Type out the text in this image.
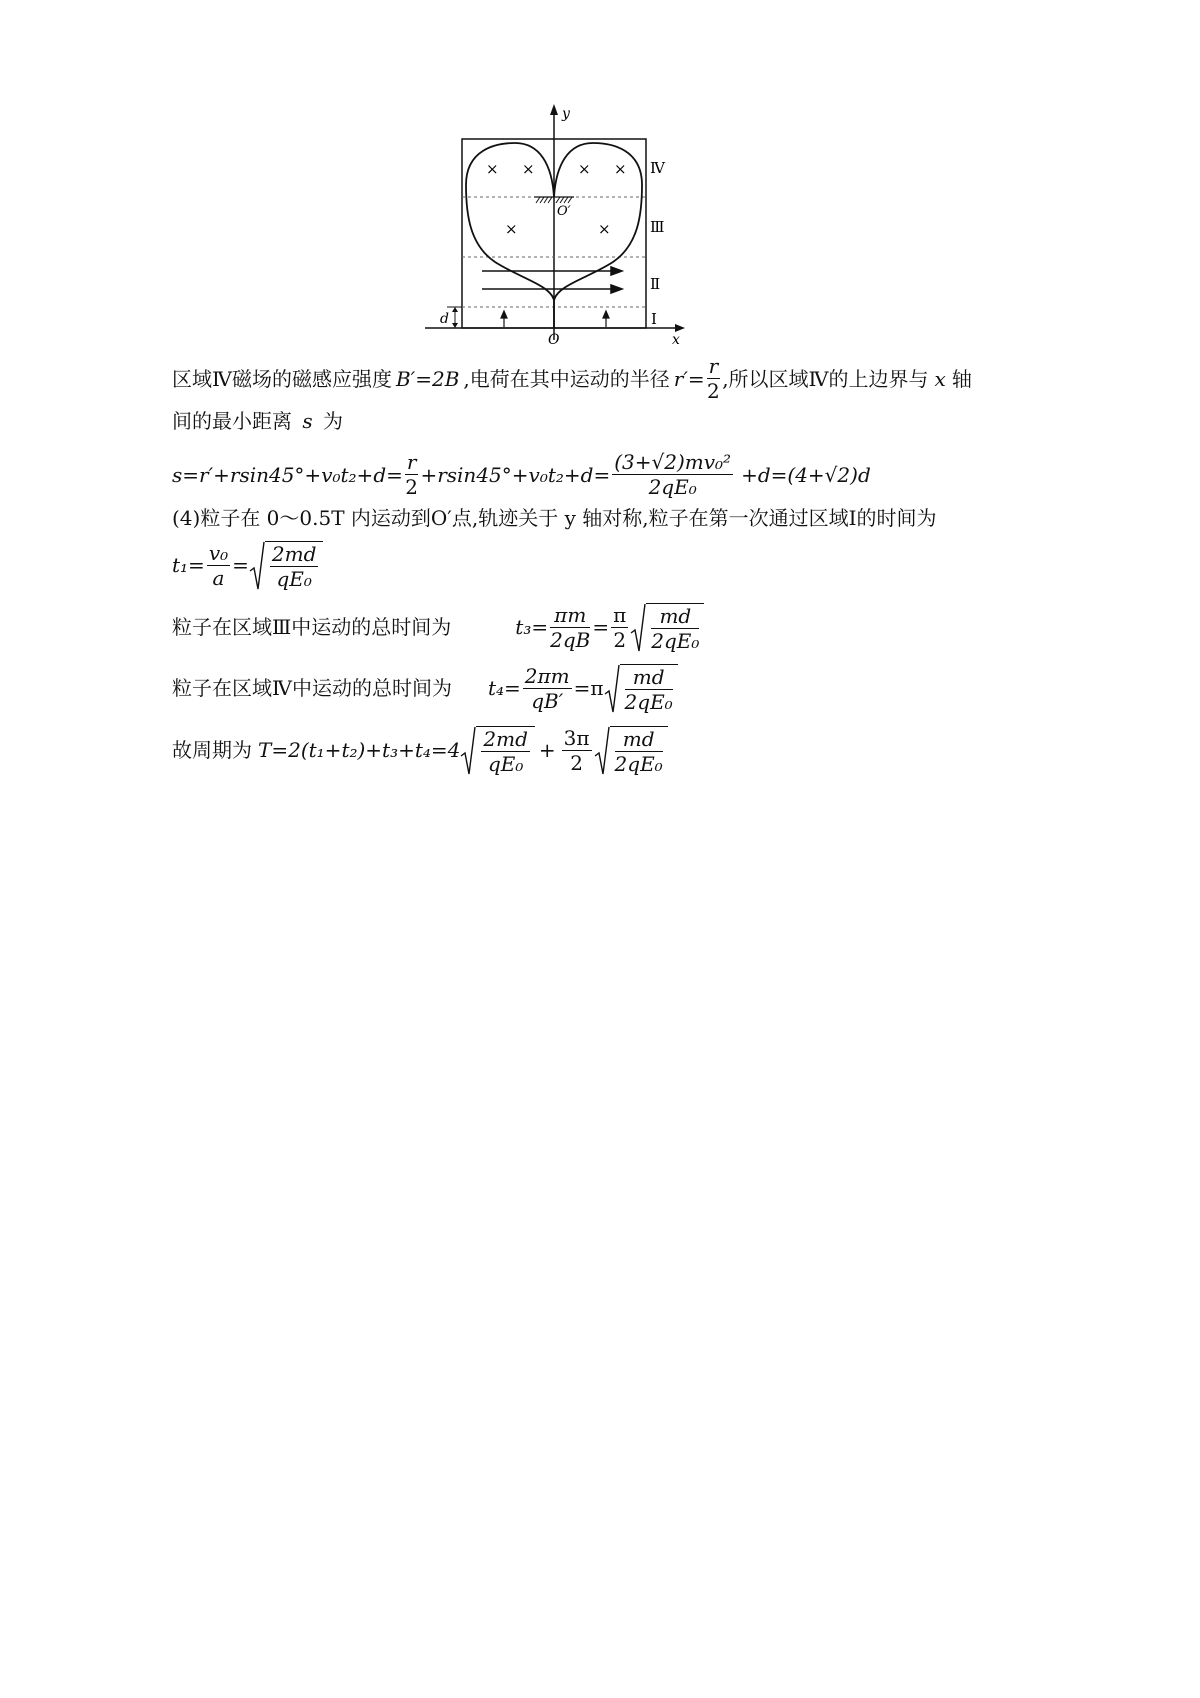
d
× ×	× ×
×	×
y
x
O
O′
Ⅳ
Ⅲ
Ⅱ
Ⅰ
区域Ⅳ磁场的磁感应强度 B′=2B ,电荷在其中运动的半径 $r'= \frac{r}{2}$ ,所以区域Ⅳ的上边界与 x 轴
间的最小距离 s 为
$s=r'+rsin45^\circ+v_0t_2+d= \frac{r}{2} +rsin45^\circ+v_0t_2+d= \frac{\text{(3+√2)mv₀²}}{\text{2qE₀}} +d=(4+√2)d$
(4)粒子在 0～0.5T 内运动到O′点,轨迹关于 y 轴对称,粒子在第一次通过区域Ⅰ的时间为
$t_1= \frac{\text{v₀}}{a} = \frac{2md}{\text{qE₀}}$
粒子在区域Ⅲ中运动的总时间为	$t_3= \frac{\pi m}{2qB} = \frac{\pi}{2} \frac{md}{\text{2qE₀}}$
粒子在区域Ⅳ中运动的总时间为 $t_4= \frac{2\pi m}{qB'} =\pi \frac{md}{\text{2qE₀}}$
故周期为 $T=2(t_1+t_2)+t_3+t_4=4 \frac{2md}{\text{qE₀}} + \frac{3\pi}{2} \frac{md}{\text{2qE₀}}$
